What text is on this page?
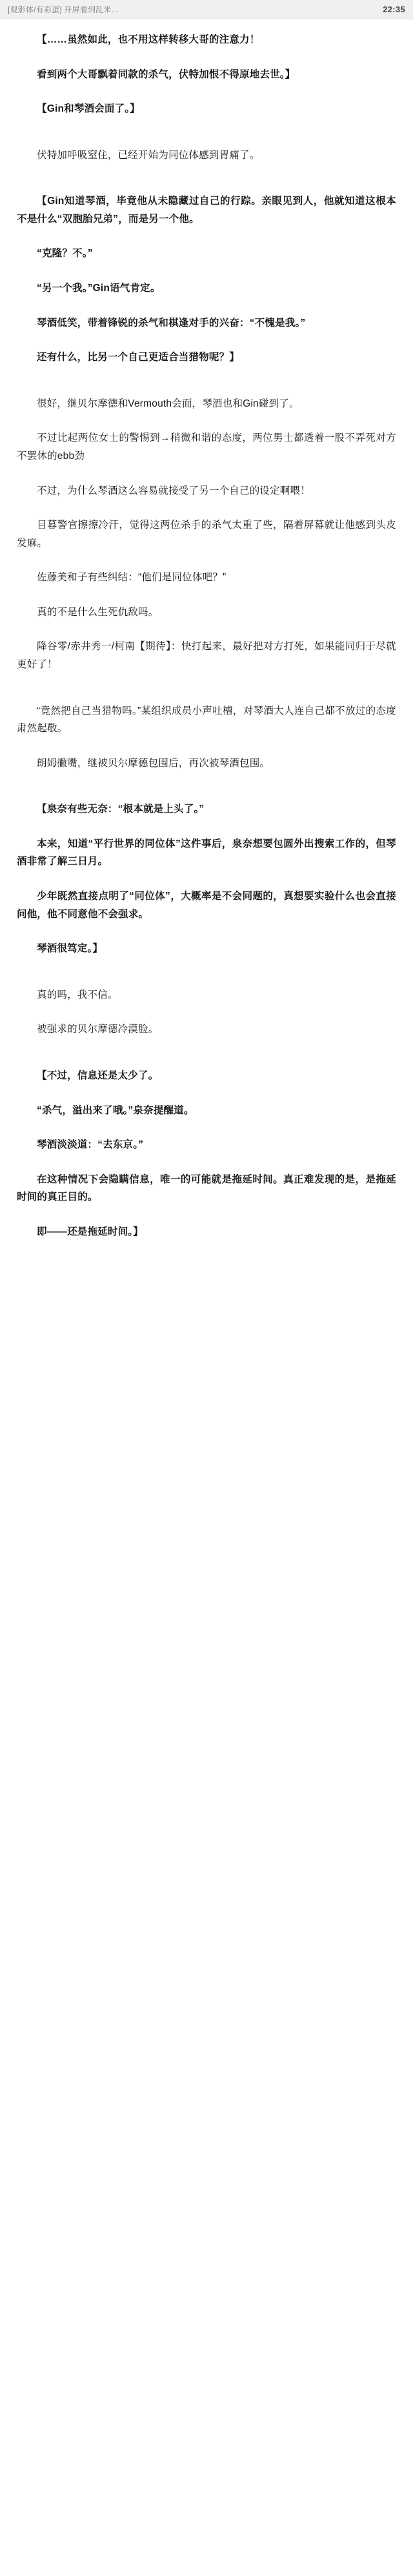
[观影体/有彩蛋] 开屏看到乱米…	22:35

【……虽然如此，也不用这样转移大哥的注意力！

看到两个大哥飘着同款的杀气，伏特加恨不得原地去世。】

【Gin和琴酒会面了。】

伏特加呼吸窒住，已经开始为同位体感到胃痛了。

【Gin知道琴酒，毕竟他从未隐藏过自己的行踪。亲眼见到人，他就知道这根本不是什么“双胞胎兄弟”，而是另一个他。

“克隆？不。”

“另一个我。”Gin语气肯定。

琴酒低笑，带着锋锐的杀气和棋逢对手的兴奋：“不愧是我。”

还有什么，比另一个自己更适合当猎物呢？】

很好，继贝尔摩德和Vermouth会面，琴酒也和Gin碰到了。

不过比起两位女士的警惕到→稍微和谐的态度，两位男士都透着一股不弄死对方不罢休的ebb劲

不过，为什么琴酒这么容易就接受了另一个自己的设定啊喂！

目暮警官擦擦冷汗，觉得这两位杀手的杀气太重了些，隔着屏幕就让他感到头皮发麻。

佐藤美和子有些纠结：“他们是同位体吧？”

真的不是什么生死仇敌吗。

降谷零/赤井秀一/柯南【期待】：快打起来，最好把对方打死，如果能同归于尽就更好了！

“竟然把自己当猎物吗。”某组织成员小声吐槽，对琴酒大人连自己都不放过的态度肃然起敬。

朗姆撇嘴，继被贝尔摩德包围后，再次被琴酒包围。

【泉奈有些无奈：“根本就是上头了。”

本来，知道“平行世界的同位体”这件事后，泉奈想要包圆外出搜索工作的，但琴酒非常了解三日月。

少年既然直接点明了“同位体”，大概率是不会同题的，真想要实验什么也会直接问他，他不同意他不会强求。

琴酒很笃定。】

真的吗，我不信。

被强求的贝尔摩德冷漠脸。

【不过，信息还是太少了。

“杀气，溢出来了哦。”泉奈提醒道。

琴酒淡淡道：“去东京。”

在这种情况下会隐瞒信息，唯一的可能就是拖延时间。真正难发现的是，是拖延时间的真正目的。

即——还是拖延时间。】
